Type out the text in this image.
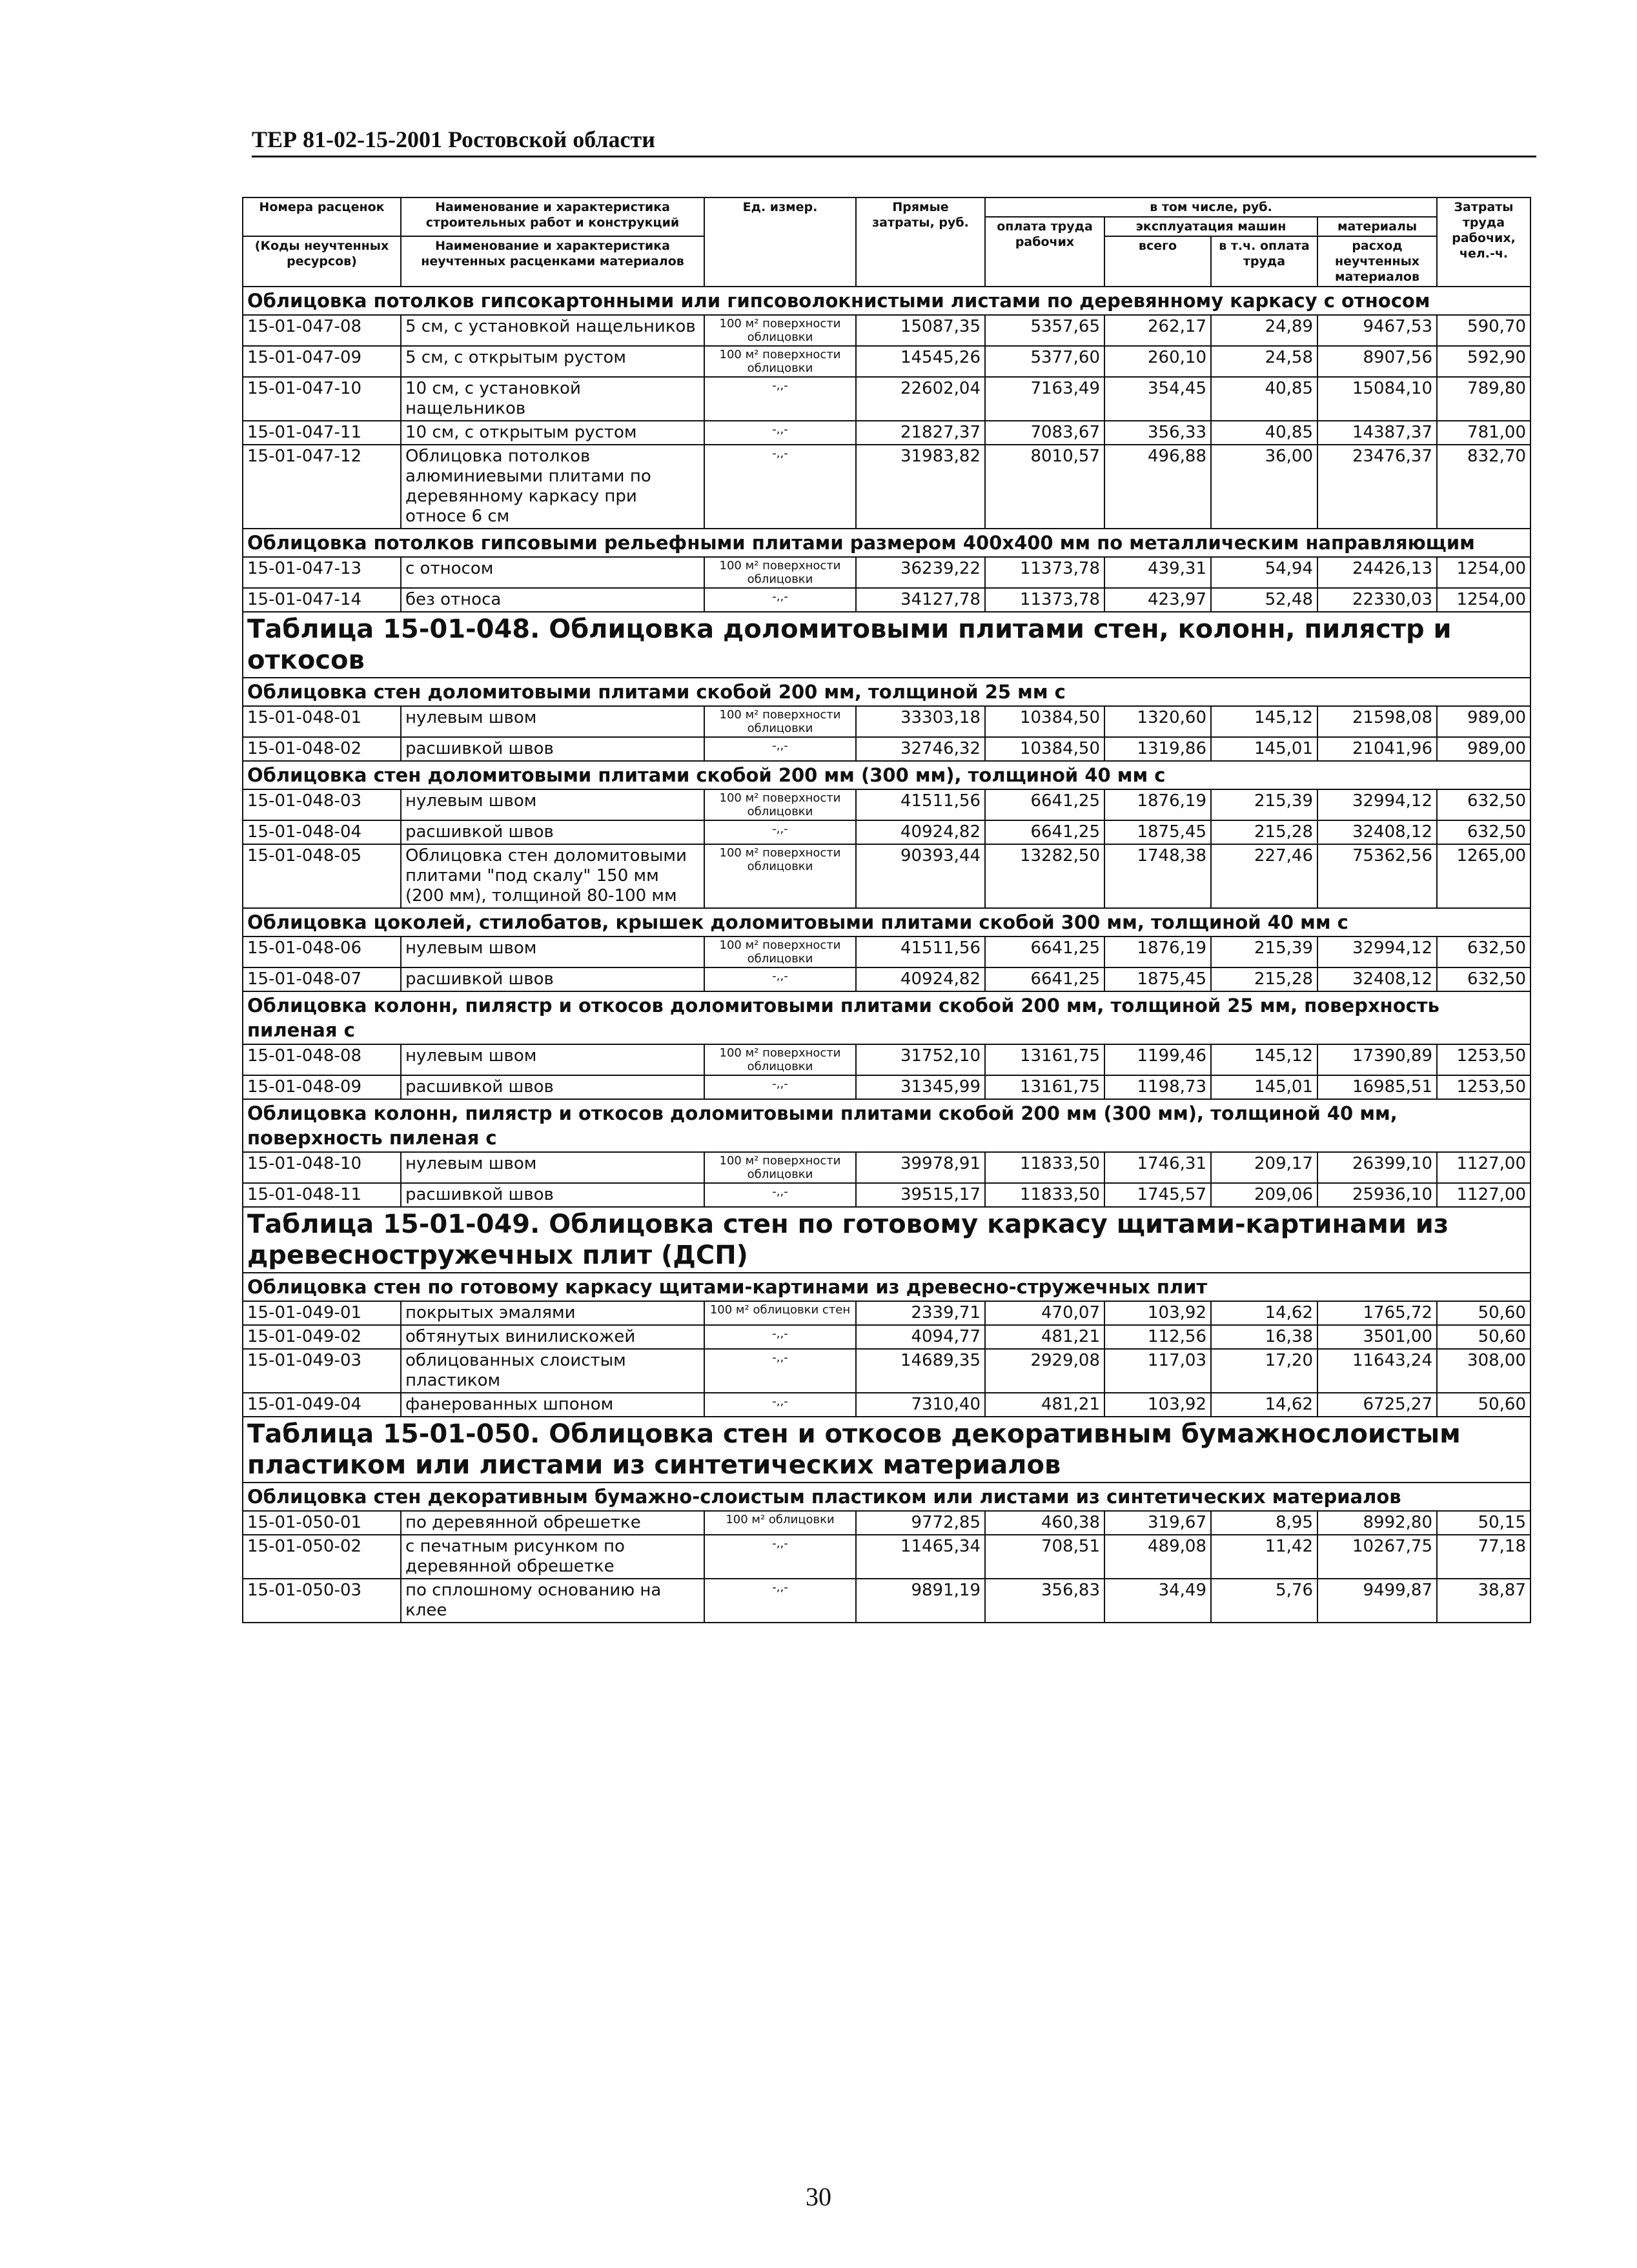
ТЕР 81-02-15-2001 Ростовской области
Номера расценок	Наименование и характеристика строительных работ и конструкций	Ед. измер.	Прямые затраты, руб.	в том числе, руб.				Затраты труда рабочих, чел.-ч.
				оплата труда рабочих	эксплуатация машин		материалы	
(Коды неучтенных ресурсов)	Наименование и характеристика неучтенных расценками материалов				всего	в т.ч. оплата труда	расход неучтенных материалов	

Облицовка потолков гипсокартонными или гипсоволокнистыми листами по деревянному каркасу с относом								
15-01-047-08	5 см, с установкой нащельников	100 м² поверхности облицовки	15087,35	5357,65	262,17	24,89	9467,53	590,70
15-01-047-09	5 см, с открытым рустом	100 м² поверхности облицовки	14545,26	5377,60	260,10	24,58	8907,56	592,90
15-01-047-10	10 см, с установкой нащельников	-,,-	22602,04	7163,49	354,45	40,85	15084,10	789,80
15-01-047-11	10 см, с открытым рустом	-,,-	21827,37	7083,67	356,33	40,85	14387,37	781,00
15-01-047-12	Облицовка потолков алюминиевыми плитами по деревянному каркасу при относе 6 см	-,,-	31983,82	8010,57	496,88	36,00	23476,37	832,70
Облицовка потолков гипсовыми рельефными плитами размером 400х400 мм по металлическим направляющим								
15-01-047-13	с относом	100 м² поверхности облицовки	36239,22	11373,78	439,31	54,94	24426,13	1254,00
15-01-047-14	без относа	-,,-	34127,78	11373,78	423,97	52,48	22330,03	1254,00
Таблица 15-01-048. Облицовка доломитовыми плитами стен, колонн, пилястр и откосов								
Облицовка стен доломитовыми плитами скобой 200 мм, толщиной 25 мм с								
15-01-048-01	нулевым швом	100 м² поверхности облицовки	33303,18	10384,50	1320,60	145,12	21598,08	989,00
15-01-048-02	расшивкой швов	-,,-	32746,32	10384,50	1319,86	145,01	21041,96	989,00
Облицовка стен доломитовыми плитами скобой 200 мм (300 мм), толщиной 40 мм с								
15-01-048-03	нулевым швом	100 м² поверхности облицовки	41511,56	6641,25	1876,19	215,39	32994,12	632,50
15-01-048-04	расшивкой швов	-,,-	40924,82	6641,25	1875,45	215,28	32408,12	632,50
15-01-048-05	Облицовка стен доломитовыми плитами "под скалу" 150 мм (200 мм), толщиной 80-100 мм	100 м² поверхности облицовки	90393,44	13282,50	1748,38	227,46	75362,56	1265,00
Облицовка цоколей, стилобатов, крышек доломитовыми плитами скобой 300 мм, толщиной 40 мм с								
15-01-048-06	нулевым швом	100 м² поверхности облицовки	41511,56	6641,25	1876,19	215,39	32994,12	632,50
15-01-048-07	расшивкой швов	-,,-	40924,82	6641,25	1875,45	215,28	32408,12	632,50
Облицовка колонн, пилястр и откосов доломитовыми плитами скобой 200 мм, толщиной 25 мм, поверхность пиленая с								
15-01-048-08	нулевым швом	100 м² поверхности облицовки	31752,10	13161,75	1199,46	145,12	17390,89	1253,50
15-01-048-09	расшивкой швов	-,,-	31345,99	13161,75	1198,73	145,01	16985,51	1253,50
Облицовка колонн, пилястр и откосов доломитовыми плитами скобой 200 мм (300 мм), толщиной 40 мм, поверхность пиленая с								
15-01-048-10	нулевым швом	100 м² поверхности облицовки	39978,91	11833,50	1746,31	209,17	26399,10	1127,00
15-01-048-11	расшивкой швов	-,,-	39515,17	11833,50	1745,57	209,06	25936,10	1127,00
Таблица 15-01-049. Облицовка стен по готовому каркасу щитами-картинами из древесностружечных плит (ДСП)								
Облицовка стен по готовому каркасу щитами-картинами из древесно-стружечных плит								
15-01-049-01	покрытых эмалями	100 м² облицовки стен	2339,71	470,07	103,92	14,62	1765,72	50,60
15-01-049-02	обтянутых винилискожей	-,,-	4094,77	481,21	112,56	16,38	3501,00	50,60
15-01-049-03	облицованных слоистым пластиком	-,,-	14689,35	2929,08	117,03	17,20	11643,24	308,00
15-01-049-04	фанерованных шпоном	-,,-	7310,40	481,21	103,92	14,62	6725,27	50,60
Таблица 15-01-050. Облицовка стен и откосов декоративным бумажнослоистым пластиком или листами из синтетических материалов								
Облицовка стен декоративным бумажно-слоистым пластиком или листами из синтетических материалов								
15-01-050-01	по деревянной обрешетке	100 м² облицовки	9772,85	460,38	319,67	8,95	8992,80	50,15
15-01-050-02	с печатным рисунком по деревянной обрешетке	-,,-	11465,34	708,51	489,08	11,42	10267,75	77,18
15-01-050-03	по сплошному основанию на клее	-,,-	9891,19	356,83	34,49	5,76	9499,87	38,87
30
